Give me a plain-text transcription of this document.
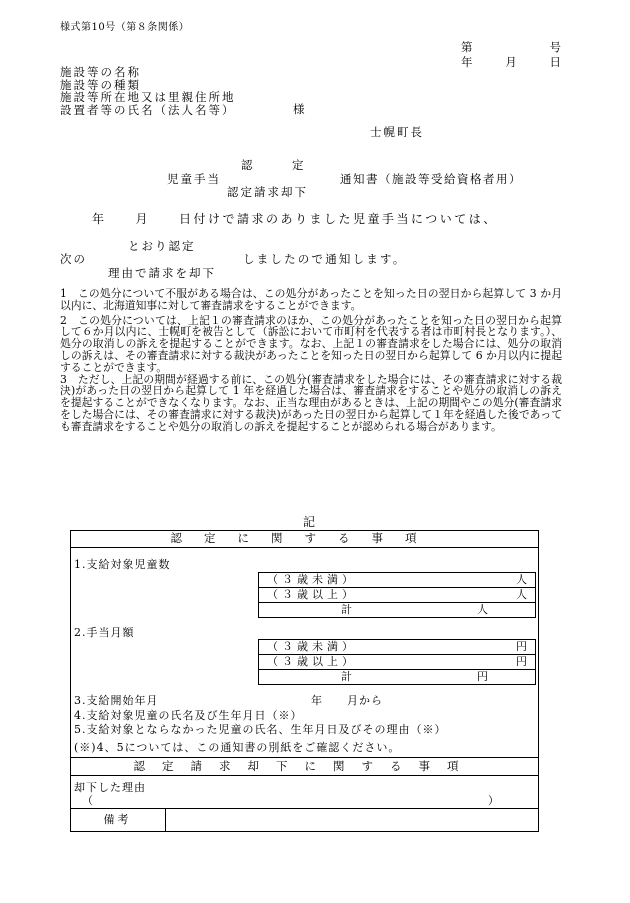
様式第10号（第８条関係）
第	号
年	月	日
施設等の名称
施設等の種類
施設等所在地又は里親住所地
設置者等の氏名（法人名等）	様
士幌町長
認　定
児童手当	通知書（施設等受給資格者用）
認定請求却下
年　　月　　日付けで請求のありました児童手当については、
とおり認定
次の	しましたので通知します。
理由で請求を却下

1　この処分について不服がある場合は、この処分があったことを知った日の翌日から起算して 3 か月以内に、北海道知事に対して審査請求をすることができます。

2　この処分については、上記１の審査請求のほか、この処分があったことを知った日の翌日から起算して６か月以内に、士幌町を被告として（訴訟において市町村を代表する者は市町村長となります。）、処分の取消しの訴えを提起することができます。なお、上記１の審査請求をした場合には、処分の取消しの訴えは、その審査請求に対する裁決があったことを知った日の翌日から起算して 6 か月以内に提起することができます。

3　ただし、上記の期間が経過する前に、この処分(審査請求をした場合には、その審査請求に対する裁決)があった日の翌日から起算して 1 年を経過した場合は、審査請求をすることや処分の取消しの訴えを提起することができなくなります。なお、正当な理由があるときは、上記の期間やこの処分(審査請求をした場合には、その審査請求に対する裁決)があった日の翌日から起算して１年を経過した後であっても審査請求をすることや処分の取消しの訴えを提起することが認められる場合があります。

記
認定に関する事項
1.支給対象児童数
（３歳未満）	人
（３歳以上）	人
計	人
2.手当月額
（３歳未満）	円
（３歳以上）	円
計	円
3.支給開始年月	年　　月から
4.支給対象児童の氏名及び生年月日（※）
5.支給対象とならなかった児童の氏名、生年月日及びその理由（※）
(※)4、5については、この通知書の別紙をご確認ください。
認定請求却下に関する事項
却下した理由
（	）
備考
